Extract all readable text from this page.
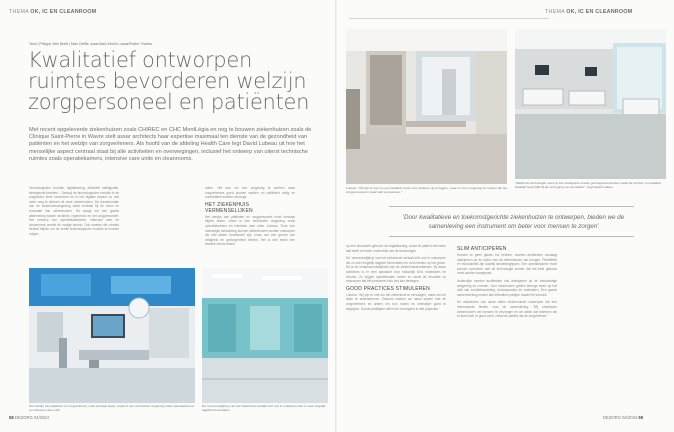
THEMA OK, IC EN CLEANROOM
Tekst | Philippe Jelle Beeld | Marc Detiffe, assar/Alain Kinelen, assar/Robbe Thoeets
Kwalitatief ontworpen ruimtes bevorderen welzijn zorgpersoneel en patiënten
Met recent opgeleverde ziekenhuizen zoals CHIREC en CHC MontLégia en nog te bouwen ziekenhuizen zoals de Clinique Saint-Pierre in Wavre stelt assar architects haar expertise maximaal ten dienste van de gezondheid van patiënten en het welzijn van zorgverleners. Als hoofd van de afdeling Health Care legt David Lubeau uit hoe het menselijke aspect centraal staat bij alle activiteiten en overwegingen, inclusief het ontwerp van uiterst technische ruimtes zoals operatiekamers, intensive care units en cleanrooms.
Technologische evolutie, digitalisering, artificiële intelligentie, bewegende beelden... Dankzij de technologische evolutie is de zorgsector sterk veranderd en is het digitale aspect nu niet meer weg te denken uit onze ziekenhuizen. De transformatie van de ziekenhuisomgeving staat centraal bij de bouw en renovatie van ziekenhuizen. Dit vraagt om een goede afstemming tussen architect, ingenieurs en het zorgpersoneel. Het ontwerp van operatiekwartieren, intensive care en cleanrooms vereist de nodige kennis. Ook moeten die ruimtes flexibel blijven om de snelle technologische evolutie te kunnen volgen.
raken. Het kan om een omgeving te creëren waar zorgverleners goed kunnen werken en patiënten veilig en comfortabel worden verzorgd.
HET ZIEKENHUIS VERMENSELIJKEN
Het welzijn van patiënten en zorgpersoneel moet centraal blijven staan, zowel in een technische omgeving zoals operatiekamers en intensive care units. Lubeau: 'Door een menselijke benadering kunnen ziekenhuizen worden ontworpen die niet alleen functioneel zijn, maar ook een gevoel van veiligheid en geborgenheid bieden. Het is niet enkel een kwestie van techniek.'
Het welzijn van patiënten en zorgverleners moet centraal staan, zowel in een technische omgeving zoals operatiekamers en intensive care units.
De 'vermenselijking' van het ziekenhuis vertaalt zich ook in ontwerpen die zo veel mogelijk daglicht binnenlaten.
58 DEZORG 04/2024
Lubeau: "Wij zijn er niet om een kwaliteit ruimte voor anderen op te leggen, maar om een omgeving te creëren die het zorgpersoneel in staat stelt te presteren."
"Medische technologie moet op een intelligente manier geïntegreerd worden zodat de comfort- en kwaliteit-kwaliteit hoog blijft bij de verzorging van de patiënt", zegt David Lubeau.
op een doordacht gebruik van digitalisering, zodat de patiënt niet meer last heeft of hinder ondervindt van de technologie.
De 'vermenselijking' van het ziekenhuis vertaalt zich ook in ontwerpen die zo veel mogelijk daglicht binnenlaten en zicht bieden op het groen. Dit is de verantwoordelijkheid van de ziekenhuisarchitecten. Bij assar architects is er veel aandacht voor natuurlijk licht, materialen en kleuren. Zo krijgen operatiezalen ramen en wordt de circulatie zo ontworpen dat het personeel zich vlot kan bewegen.
GOOD PRACTICES STIMULEREN
Lubeau: 'Wij zijn er niet om het ziekenhuis te vervangen, maar om het team te ondersteunen. Daarom werken we nauw samen met de zorgverleners en artsen om hun noden en werkwijze goed te begrijpen. Goede praktijken delen we vervolgens in alle projecten.'
SLIM ANTICIPEREN
Hoewel ze geen glazen bol hebben, moeten architecten vandaag anticiperen op de noden van de ziekenhuizen van morgen. Flexibiliteit en modulariteit zijn daarbij sleutelbegrippen. Een operatiekamer moet kunnen evolueren met de technologie zonder dat het hele gebouw moet worden aangepast.
Anderzijds moeten architecten ook anticiperen op de toekomstige wetgeving en normen. Voor cleanrooms gelden strenge eisen op het vlak van luchtbehandeling, drukcascades en materialen. Een goede samenwerking tussen alle betrokken partijen maakt het verschil.
De architecten van assar willen ziekenhuizen ontwerpen die een meerwaarde bieden voor de samenleving: 'Wij ontwerpen ziekenhuizen om mensen te verzorgen en we willen dat iedereen die er komt zich er goed voelt, zowel de patiënt als de zorgverlener.'
DEZORG 04/2024 59
THEMA OK, IC EN CLEANROOM
'Door kwalitatieve en toekomstgerichte ziekenhuizen te ontwerpen, bieden we de samenleving een instrument om beter voor mensen te zorgen'
